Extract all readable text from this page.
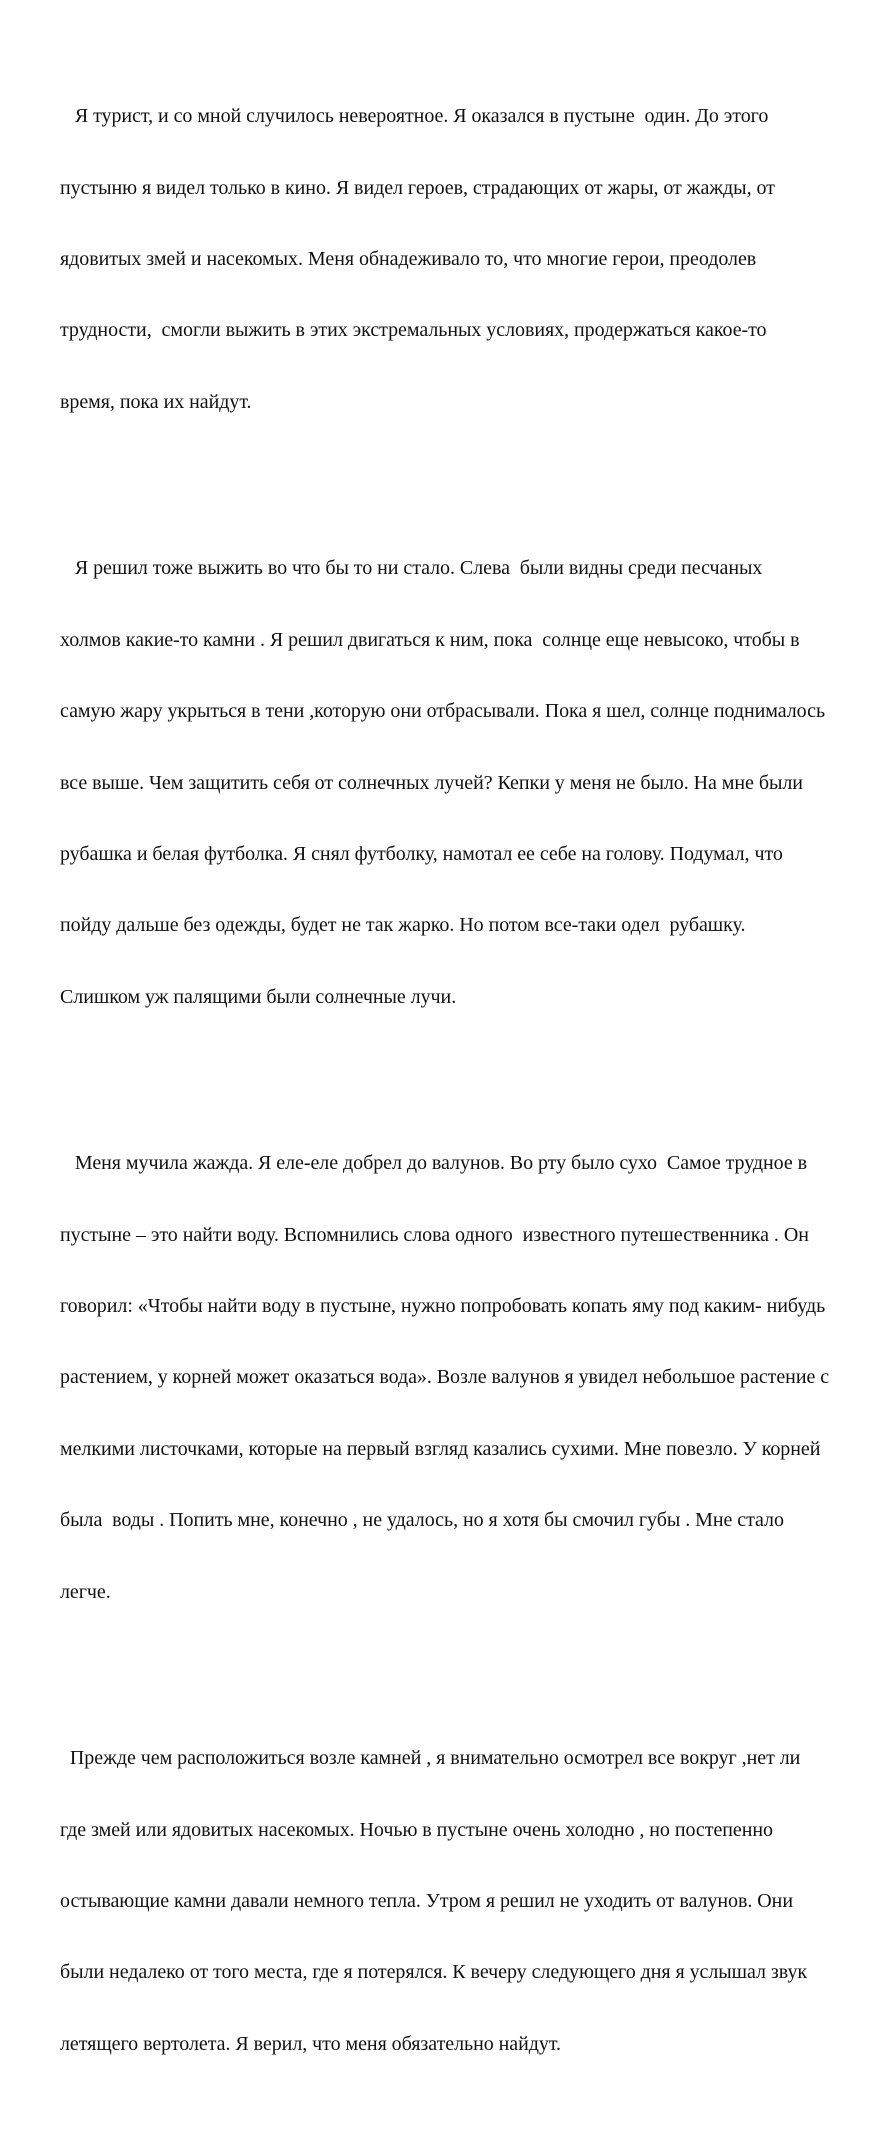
Я турист, и со мной случилось невероятное. Я оказался в пустыне  один. До этого

пустыню я видел только в кино. Я видел героев, страдающих от жары, от жажды, от

ядовитых змей и насекомых. Меня обнадеживало то, что многие герои, преодолев

трудности,  смогли выжить в этих экстремальных условиях, продержаться какое-то

время, пока их найдут.

Я решил тоже выжить во что бы то ни стало. Слева  были видны среди песчаных

холмов какие-то камни . Я решил двигаться к ним, пока  солнце еще невысоко, чтобы в

самую жару укрыться в тени ,которую они отбрасывали. Пока я шел, солнце поднималось

все выше. Чем защитить себя от солнечных лучей? Кепки у меня не было. На мне были

рубашка и белая футболка. Я снял футболку, намотал ее себе на голову. Подумал, что

пойду дальше без одежды, будет не так жарко. Но потом все-таки одел  рубашку.

Слишком уж палящими были солнечные лучи.

Меня мучила жажда. Я еле-еле добрел до валунов. Во рту было сухо  Самое трудное в

пустыне – это найти воду. Вспомнились слова одного  известного путешественника . Он

говорил: «Чтобы найти воду в пустыне, нужно попробовать копать яму под каким- нибудь

растением, у корней может оказаться вода». Возле валунов я увидел небольшое растение с

мелкими листочками, которые на первый взгляд казались сухими. Мне повезло. У корней

была  воды . Попить мне, конечно , не удалось, но я хотя бы смочил губы . Мне стало

легче.

Прежде чем расположиться возле камней , я внимательно осмотрел все вокруг ,нет ли

где змей или ядовитых насекомых. Ночью в пустыне очень холодно , но постепенно

остывающие камни давали немного тепла. Утром я решил не уходить от валунов. Они

были недалеко от того места, где я потерялся. К вечеру следующего дня я услышал звук

летящего вертолета. Я верил, что меня обязательно найдут.
